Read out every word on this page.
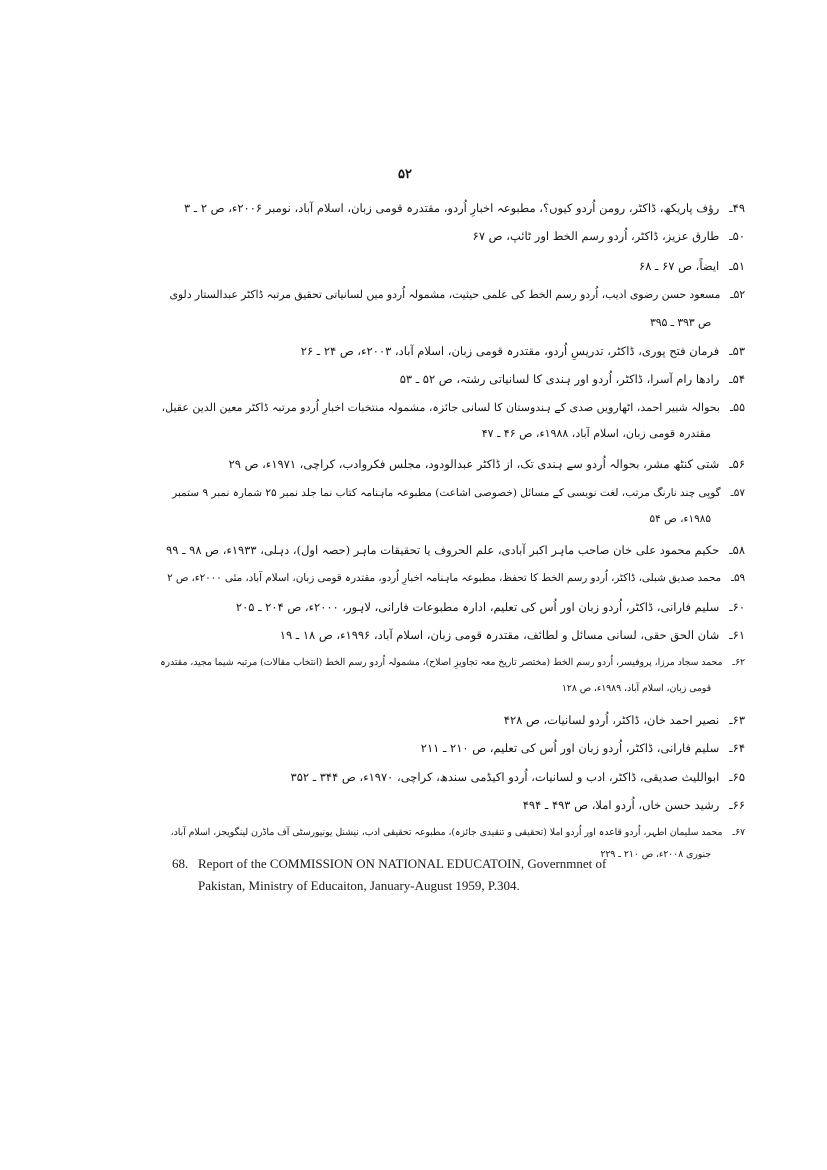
۵۲
۴۹ـرؤف پاریکھ، ڈاکٹر، رومن اُردو کیوں؟، مطبوعہ اخبارِ اُردو، مقتدرہ قومی زبان، اسلام آباد، نومبر ۲۰۰۶ء، ص ۲ ـ ۳
۵۰ـطارق عزیز، ڈاکٹر، اُردو رسم الخط اور ٹائپ، ص ۶۷
۵۱ـایضاً، ص ۶۷ ـ ۶۸
۵۲ـمسعود حسن رضوی ادیب، اُردو رسم الخط کی علمی حیثیت، مشمولہ اُردو میں لسانیاتی تحقیق مرتبہ ڈاکٹر عبدالستار دلوی
ص ۳۹۳ ـ ۳۹۵
۵۳ـفرمان فتح پوری، ڈاکٹر، تدریسِ اُردو، مقتدرہ قومی زبان، اسلام آباد، ۲۰۰۳ء، ص ۲۴ ـ ۲۶
۵۴ـرادھا رام آسرا، ڈاکٹر، اُردو اور ہندی کا لسانیاتی رشتہ، ص ۵۲ ـ ۵۳
۵۵ـبحوالہ شبیر احمد، اٹھارویں صدی کے ہندوستان کا لسانی جائزہ، مشمولہ منتخبات اخبارِ اُردو مرتبہ ڈاکٹر معین الدین عقیل،
مقتدرہ قومی زبان، اسلام آباد، ۱۹۸۸ء، ص ۴۶ ـ ۴۷
۵۶ـشتی کنٹھ مشر، بحوالہ اُردو سے ہندی تک، از ڈاکٹر عبدالودود، مجلس فکروادب، کراچی، ۱۹۷۱ء، ص ۲۹
۵۷ـگوپی چند نارنگ مرتب، لغت نویسی کے مسائل (خصوصی اشاعت) مطبوعہ ماہنامہ کتاب نما جلد نمبر ۲۵ شمارہ نمبر ۹ ستمبر
۱۹۸۵ء، ص ۵۴
۵۸ـحکیم محمود علی خان صاحب ماہر اکبر آبادی، علم الحروف یا تحقیقات ماہر (حصہ اول)، دہلی، ۱۹۳۳ء، ص ۹۸ ـ ۹۹
۵۹ـمحمد صدیق شبلی، ڈاکٹر، اُردو رسم الخط کا تحفظ، مطبوعہ ماہنامہ اخبارِ اُردو، مقتدرہ قومی زبان، اسلام آباد، مئی ۲۰۰۰ء، ص ۲
۶۰ـسلیم فارانی، ڈاکٹر، اُردو زبان اور اُس کی تعلیم، ادارہ مطبوعات فارانی، لاہور، ۲۰۰۰ء، ص ۲۰۴ ـ ۲۰۵
۶۱ـشان الحق حقی، لسانی مسائل و لطائف، مقتدرہ قومی زبان، اسلام آباد، ۱۹۹۶ء، ص ۱۸ ـ ۱۹
۶۲ـمحمد سجاد مرزا، پروفیسر، اُردو رسم الخط (مختصر تاریخ معہ تجاویزِ اصلاح)، مشمولہ اُردو رسم الخط (انتخاب مقالات) مرتبہ شیما مجید، مقتدرہ
قومی زبان، اسلام آباد، ۱۹۸۹ء، ص ۱۲۸
۶۳ـنصیر احمد خان، ڈاکٹر، اُردو لسانیات، ص ۴۲۸
۶۴ـسلیم فارانی، ڈاکٹر، اُردو زبان اور اُس کی تعلیم، ص ۲۱۰ ـ ۲۱۱
۶۵ـابواللیث صدیقی، ڈاکٹر، ادب و لسانیات، اُردو اکیڈمی سندھ، کراچی، ۱۹۷۰ء، ص ۳۴۴ ـ ۳۵۲
۶۶ـرشید حسن خاں، اُردو املا، ص ۴۹۳ ـ ۴۹۴
۶۷ـمحمد سلیمان اطہر، اُردو قاعدہ اور اُردو املا (تحقیقی و تنقیدی جائزہ)، مطبوعہ تحقیقی ادب، نیشنل یونیورسٹی آف ماڈرن لینگویجز، اسلام آباد،
جنوری ۲۰۰۸ء، ص ۲۱۰ ـ ۲۲۹
68. Report of the COMMISSION ON NATIONAL EDUCATOIN, Governmnet of
Pakistan, Ministry of Educaiton, January-August 1959, P.304.
